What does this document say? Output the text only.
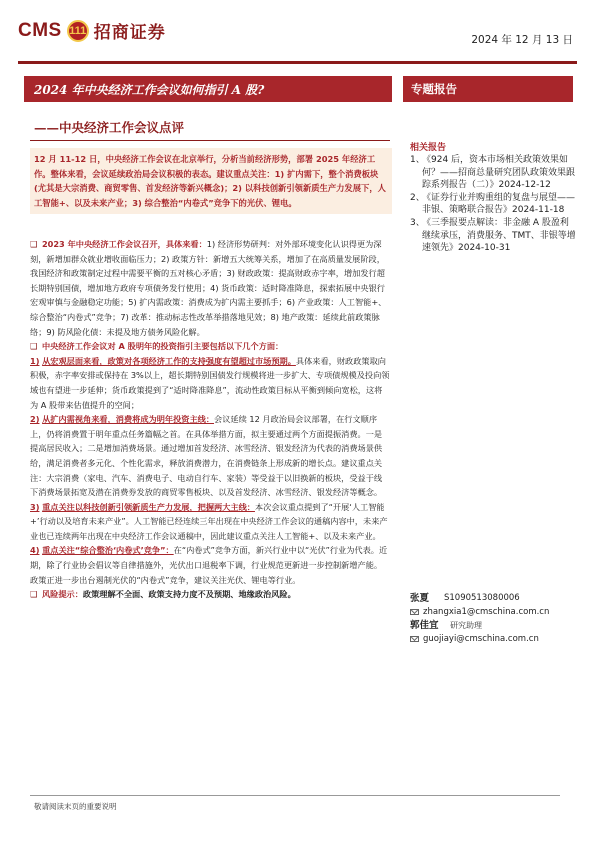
CMS 111 招商证券	2024 年 12 月 13 日
2024 年中央经济工作会议如何指引 A 股?	专题报告
——中央经济工作会议点评

12 月 11-12 日，中央经济工作会议在北京举行，分析当前经济形势，部署 2025 年经济工作。整体来看，会议延续政治局会议积极的表态。建议重点关注：1) 扩内需下，整个消费板块(尤其是大宗消费、商贸零售、首发经济等新兴概念)；2) 以科技创新引领新质生产力发展下，人工智能+、以及未来产业；3) 综合整治“内卷式”竞争下的光伏、锂电。

❑ 2023 年中央经济工作会议召开，具体来看：1) 经济形势研判：对外部环境变化认识得更为深刻，新增加群众就业增收面临压力；2) 政策方针：新增五大统筹关系，增加了在高质量发展阶段，我国经济和政策制定过程中需要平衡的五对核心矛盾；3) 财政政策：提高财政赤字率，增加发行超长期特别国债，增加地方政府专项债务发行使用；4) 货币政策：适时降准降息，探索拓展中央银行宏观审慎与金融稳定功能；5) 扩内需政策：消费成为扩内需主要抓手；6) 产业政策：人工智能+、综合整治“内卷式”竞争；7) 改革：推动标志性改革举措落地见效；8) 地产政策：延续此前政策脉络；9) 防风险化债：未提及地方债务风险化解。

❑ 中央经济工作会议对 A 股明年的投资指引主要包括以下几个方面：

1) 从宏观层面来看，政策对各项经济工作的支持强度有望超过市场预期。具体来看，财政政策取向积极，赤字率安排或保持在 3%以上，超长期特别国债发行规模将进一步扩大、专项债规模及投向领域也有望进一步延伸；货币政策提到了“适时降准降息”，流动性政策目标从平衡到倾向宽松，这将为 A 股带来估值提升的空间；

2) 从扩内需视角来看，消费将成为明年投资主线：会议延续 12 月政治局会议部署，在行文顺序上，仍将消费置于明年重点任务篇幅之首。在具体举措方面，拟主要通过两个方面提振消费。一是提高居民收入；二是增加消费场景。通过增加首发经济、冰雪经济、银发经济为代表的消费场景供给，满足消费者多元化、个性化需求，释放消费潜力，在消费链条上形成新的增长点。建议重点关注：大宗消费（家电、汽车、消费电子、电动自行车、家装）等受益于以旧换新的板块，受益于线下消费场景拓宽及潜在消费券发放的商贸零售板块、以及首发经济、冰雪经济、银发经济等概念。

3) 重点关注以科技创新引领新质生产力发展，把握两大主线：本次会议重点提到了“开展‘人工智能+’行动以及培育未来产业”。人工智能已经连续三年出现在中央经济工作会议的通稿内容中，未来产业也已连续两年出现在中央经济工作会议通稿中，因此建议重点关注人工智能+、以及未来产业。

4) 重点关注“综合整治‘内卷式’竞争”：在“内卷式”竞争方面，新兴行业中以“光伏”行业为代表。近期，除了行业协会倡议等自律措施外，光伏出口退税率下调，行业规范更新进一步控制新增产能。政策正进一步出台遏制光伏的“内卷式”竞争，建议关注光伏、锂电等行业。

❑ 风险提示：政策理解不全面、政策支持力度不及预期、地缘政治风险。

相关报告
1、
《924 后，资本市场相关政策效果如何？——招商总量研究团队政策效果跟踪系列报告（二）》2024-12-12
2、
《证券行业并购重组的复盘与展望——非银、策略联合报告》2024-11-18
3、
《三季报要点解读：非金融 A 股盈利继续承压，消费服务、TMT、非银等增速领先》2024-10-31
张夏	S1090513080006
zhangxia1@cmschina.com.cn
郭佳宜	研究助理
guojiayi@cmschina.com.cn
敬请阅读末页的重要说明
